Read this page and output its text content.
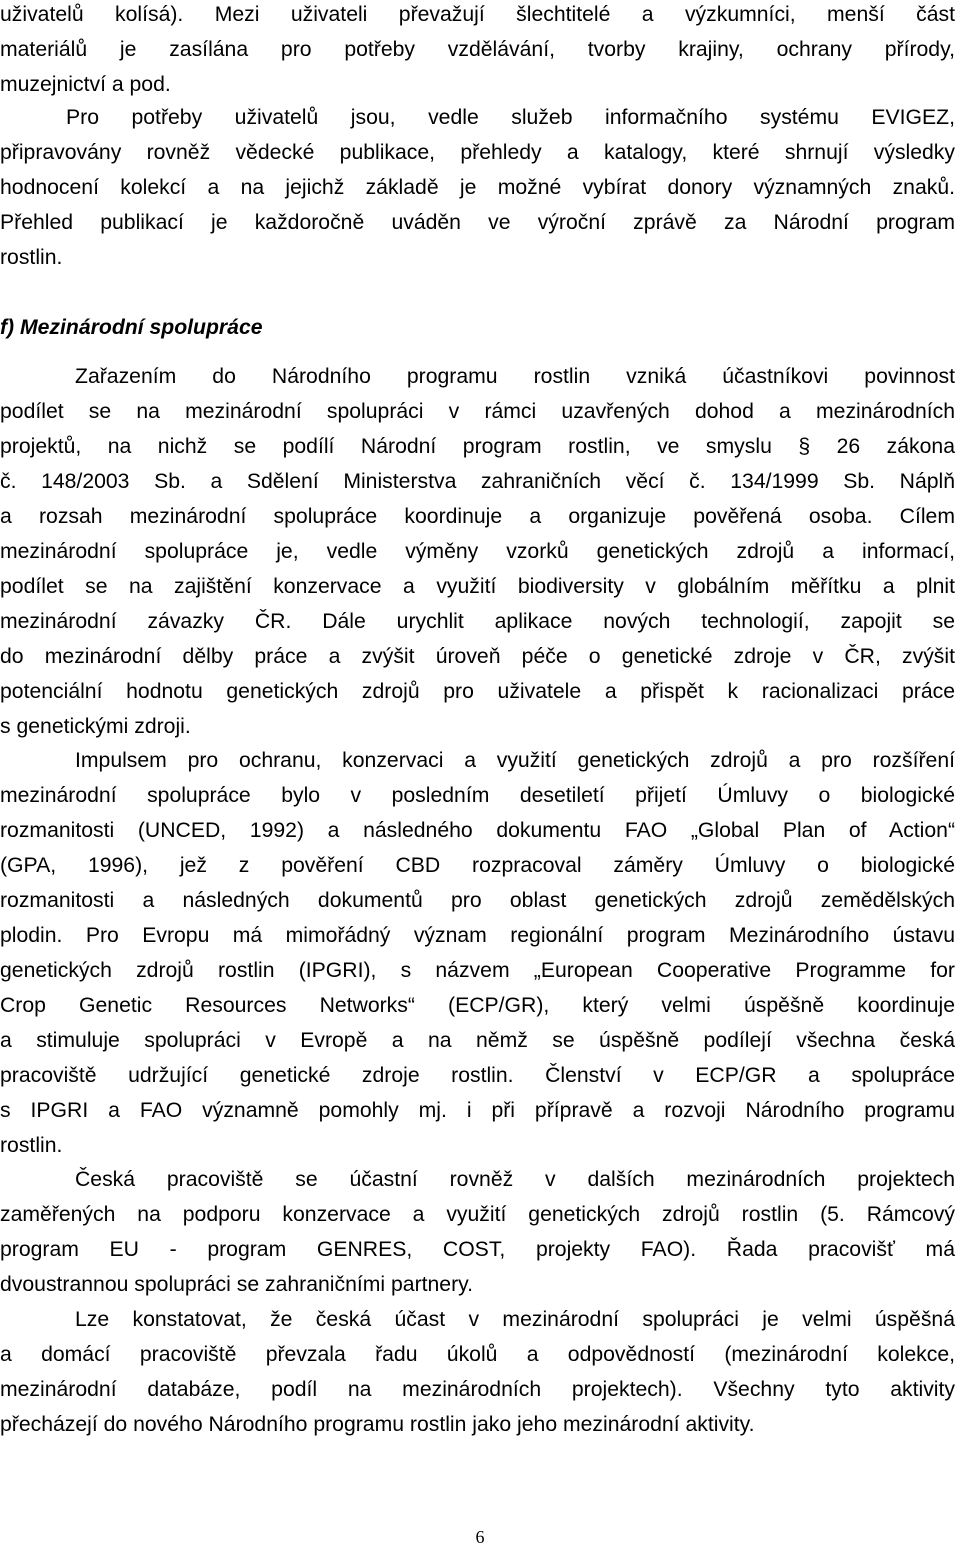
uživatelů kolísá). Mezi uživateli převažují šlechtitelé a výzkumníci, menší část
materiálů je zasílána pro potřeby vzdělávání, tvorby krajiny, ochrany přírody,
muzejnictví a pod.
Pro potřeby uživatelů jsou, vedle služeb informačního systému EVIGEZ,
připravovány rovněž vědecké publikace, přehledy a katalogy, které shrnují výsledky
hodnocení kolekcí a na jejichž základě je možné vybírat donory významných znaků.
Přehled publikací je každoročně uváděn ve výroční zprávě za Národní program
rostlin.
f) Mezinárodní spolupráce
Zařazením do Národního programu rostlin vzniká účastníkovi povinnost
podílet se na mezinárodní spolupráci v rámci uzavřených dohod a mezinárodních
projektů, na nichž se podílí Národní program rostlin, ve smyslu § 26 zákona
č. 148/2003 Sb. a Sdělení Ministerstva zahraničních věcí č. 134/1999 Sb. Náplň
a rozsah mezinárodní spolupráce koordinuje a organizuje pověřená osoba. Cílem
mezinárodní spolupráce je, vedle výměny vzorků genetických zdrojů a informací,
podílet se na zajištění konzervace a využití biodiversity v globálním měřítku a plnit
mezinárodní závazky ČR. Dále urychlit aplikace nových technologií, zapojit se
do mezinárodní dělby práce a zvýšit úroveň péče o genetické zdroje v ČR, zvýšit
potenciální hodnotu genetických zdrojů pro uživatele a přispět k racionalizaci práce
s genetickými zdroji.
Impulsem pro ochranu, konzervaci a využití genetických zdrojů a pro rozšíření
mezinárodní spolupráce bylo v posledním desetiletí přijetí Úmluvy o biologické
rozmanitosti (UNCED, 1992) a následného dokumentu FAO „Global Plan of Action“
(GPA, 1996), jež z pověření CBD rozpracoval záměry Úmluvy o biologické
rozmanitosti a následných dokumentů pro oblast genetických zdrojů zemědělských
plodin. Pro Evropu má mimořádný význam regionální program Mezinárodního ústavu
genetických zdrojů rostlin (IPGRI), s názvem „European Cooperative Programme for
Crop Genetic Resources Networks“ (ECP/GR), který velmi úspěšně koordinuje
a stimuluje spolupráci v Evropě a na němž se úspěšně podílejí všechna česká
pracoviště udržující genetické zdroje rostlin. Členství v ECP/GR a spolupráce
s IPGRI a FAO významně pomohly mj. i při přípravě a rozvoji Národního programu
rostlin.
Česká pracoviště se účastní rovněž v dalších mezinárodních projektech
zaměřených na podporu konzervace a využití genetických zdrojů rostlin (5. Rámcový
program EU - program GENRES, COST, projekty FAO). Řada pracovišť má
dvoustrannou spolupráci se zahraničními partnery.
Lze konstatovat, že česká účast v mezinárodní spolupráci je velmi úspěšná
a domácí pracoviště převzala řadu úkolů a odpovědností (mezinárodní kolekce,
mezinárodní databáze, podíl na mezinárodních projektech). Všechny tyto aktivity
přecházejí do nového Národního programu rostlin jako jeho mezinárodní aktivity.
6
